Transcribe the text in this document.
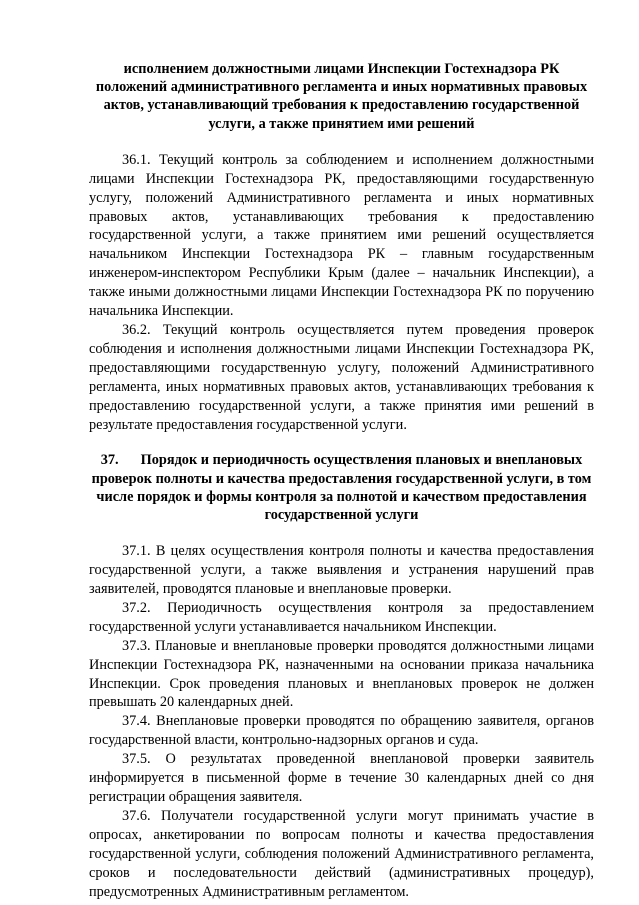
исполнением должностными лицами Инспекции Гостехнадзора РК положений административного регламента и иных нормативных правовых актов, устанавливающий требования к предоставлению государственной услуги, а также принятием ими решений

36.1. Текущий контроль за соблюдением и исполнением должностными лицами Инспекции Гостехнадзора РК, предоставляющими государственную услугу, положений Административного регламента и иных нормативных правовых актов, устанавливающих требования к предоставлению государственной услуги, а также принятием ими решений осуществляется начальником Инспекции Гостехнадзора РК – главным государственным инженером-инспектором Республики Крым (далее – начальник Инспекции), а также иными должностными лицами Инспекции Гостехнадзора РК по поручению начальника Инспекции.

36.2. Текущий контроль осуществляется путем проведения проверок соблюдения и исполнения должностными лицами Инспекции Гостехнадзора РК, предоставляющими государственную услугу, положений Административного регламента, иных нормативных правовых актов, устанавливающих требования к предоставлению государственной услуги, а также принятия ими решений в результате предоставления государственной услуги.

37. Порядок и периодичность осуществления плановых и внеплановых проверок полноты и качества предоставления государственной услуги, в том числе порядок и формы контроля за полнотой и качеством предоставления государственной услуги

37.1. В целях осуществления контроля полноты и качества предоставления государственной услуги, а также выявления и устранения нарушений прав заявителей, проводятся плановые и внеплановые проверки.

37.2. Периодичность осуществления контроля за предоставлением государственной услуги устанавливается начальником Инспекции.

37.3. Плановые и внеплановые проверки проводятся должностными лицами Инспекции Гостехнадзора РК, назначенными на основании приказа начальника Инспекции. Срок проведения плановых и внеплановых проверок не должен превышать 20 календарных дней.

37.4. Внеплановые проверки проводятся по обращению заявителя, органов государственной власти, контрольно-надзорных органов и суда.

37.5. О результатах проведенной внеплановой проверки заявитель информируется в письменной форме в течение 30 календарных дней со дня регистрации обращения заявителя.

37.6. Получатели государственной услуги могут принимать участие в опросах, анкетировании по вопросам полноты и качества предоставления государственной услуги, соблюдения положений Административного регламента, сроков и последовательности действий (административных процедур), предусмотренных Административным регламентом.
